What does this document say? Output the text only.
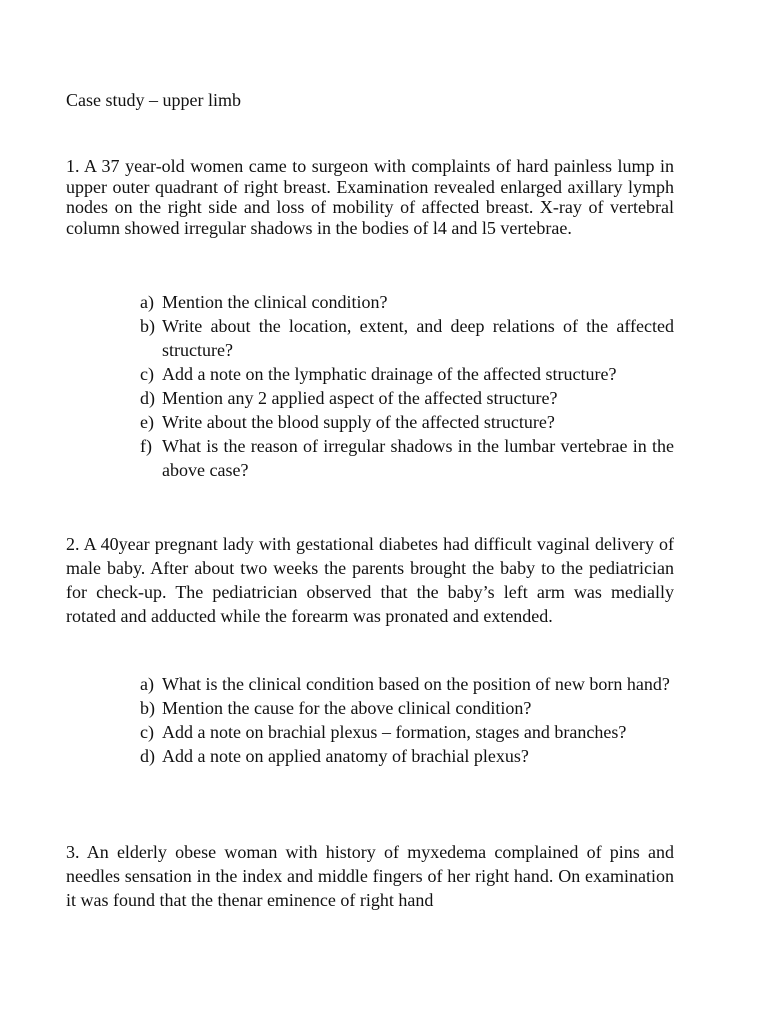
Case study – upper limb
1. A 37 year-old women came to surgeon with complaints of hard painless lump in upper outer quadrant of right breast. Examination revealed enlarged axillary lymph nodes on the right side and loss of mobility of affected breast. X-ray of vertebral column showed irregular shadows in the bodies of l4 and l5 vertebrae.
a) Mention the clinical condition?
b) Write about the location, extent, and deep relations of the affected structure?
c) Add a note on the lymphatic drainage of the affected structure?
d) Mention any 2 applied aspect of the affected structure?
e) Write about the blood supply of the affected structure?
f) What is the reason of irregular shadows in the lumbar vertebrae in the above case?
2. A 40year pregnant lady with gestational diabetes had difficult vaginal delivery of male baby. After about two weeks the parents brought the baby to the pediatrician for check-up. The pediatrician observed that the baby’s left arm was medially rotated and adducted while the forearm was pronated and extended.
a) What is the clinical condition based on the position of new born hand?
b) Mention the cause for the above clinical condition?
c) Add a note on brachial plexus – formation, stages and branches?
d) Add a note on applied anatomy of brachial plexus?
3. An elderly obese woman with history of myxedema complained of pins and needles sensation in the index and middle fingers of her right hand. On examination it was found that the thenar eminence of right hand
